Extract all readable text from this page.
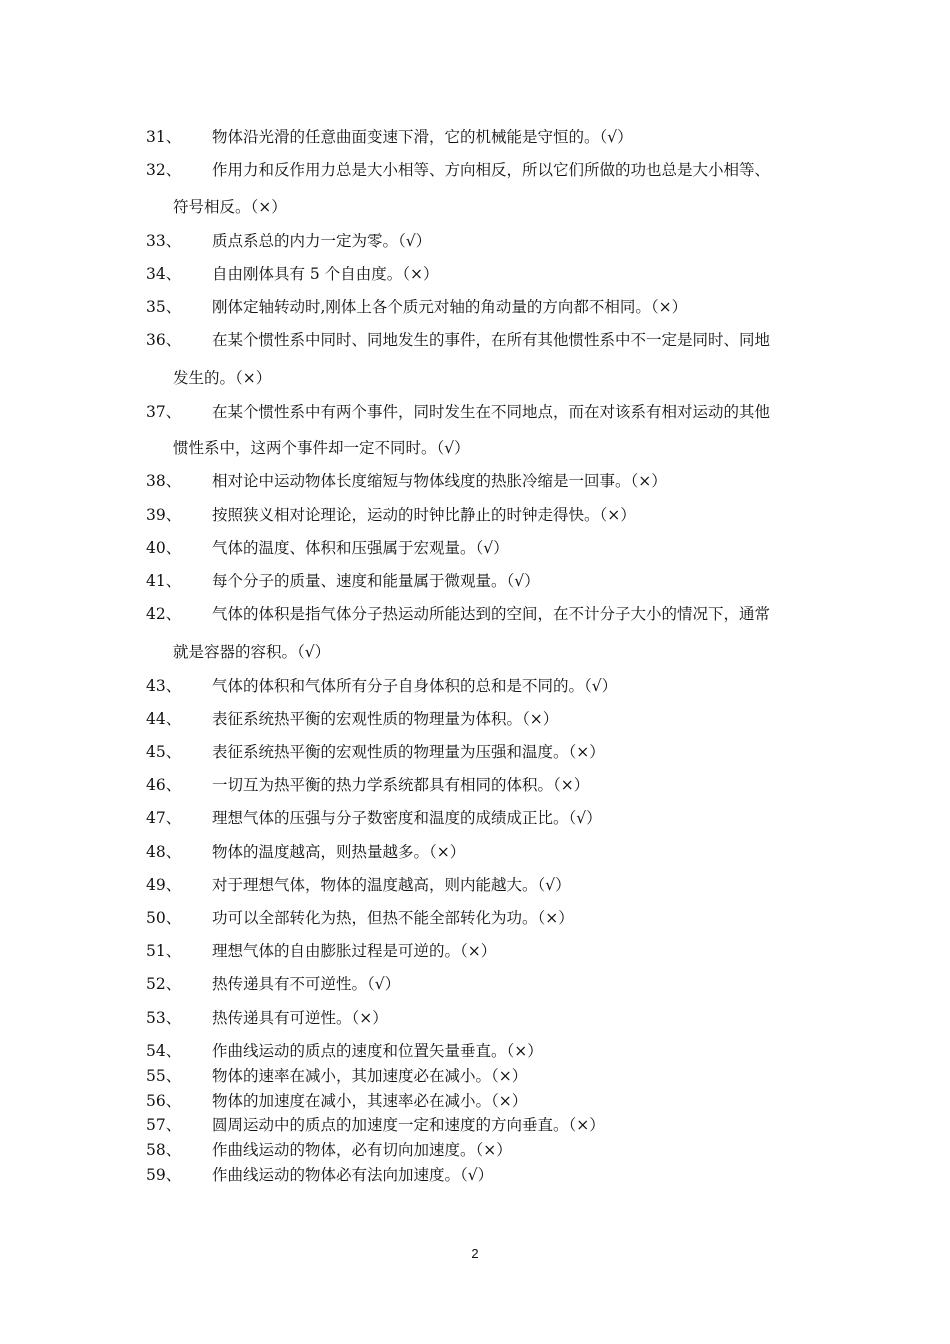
31、 物体沿光滑的任意曲面变速下滑，它的机械能是守恒的。（√）
32、 作用力和反作用力总是大小相等、方向相反，所以它们所做的功也总是大小相等、
符号相反。（×）
33、 质点系总的内力一定为零。（√）
34、 自由刚体具有 5 个自由度。（×）
35、 刚体定轴转动时,刚体上各个质元对轴的角动量的方向都不相同。（×）
36、 在某个惯性系中同时、同地发生的事件，在所有其他惯性系中不一定是同时、同地
发生的。（×）
37、 在某个惯性系中有两个事件，同时发生在不同地点，而在对该系有相对运动的其他
惯性系中，这两个事件却一定不同时。（√）
38、 相对论中运动物体长度缩短与物体线度的热胀冷缩是一回事。（×）
39、 按照狭义相对论理论，运动的时钟比静止的时钟走得快。（×）
40、 气体的温度、体积和压强属于宏观量。（√）
41、 每个分子的质量、速度和能量属于微观量。（√）
42、 气体的体积是指气体分子热运动所能达到的空间，在不计分子大小的情况下，通常
就是容器的容积。（√）
43、 气体的体积和气体所有分子自身体积的总和是不同的。（√）
44、 表征系统热平衡的宏观性质的物理量为体积。（×）
45、 表征系统热平衡的宏观性质的物理量为压强和温度。（×）
46、 一切互为热平衡的热力学系统都具有相同的体积。（×）
47、 理想气体的压强与分子数密度和温度的成绩成正比。（√）
48、 物体的温度越高，则热量越多。（×）
49、 对于理想气体，物体的温度越高，则内能越大。（√）
50、 功可以全部转化为热，但热不能全部转化为功。（×）
51、 理想气体的自由膨胀过程是可逆的。（×）
52、 热传递具有不可逆性。（√）
53、 热传递具有可逆性。（×）
54、 作曲线运动的质点的速度和位置矢量垂直。（×）
55、 物体的速率在减小，其加速度必在减小。（×）
56、 物体的加速度在减小，其速率必在减小。（×）
57、 圆周运动中的质点的加速度一定和速度的方向垂直。（×）
58、 作曲线运动的物体，必有切向加速度。（×）
59、 作曲线运动的物体必有法向加速度。（√）
2
